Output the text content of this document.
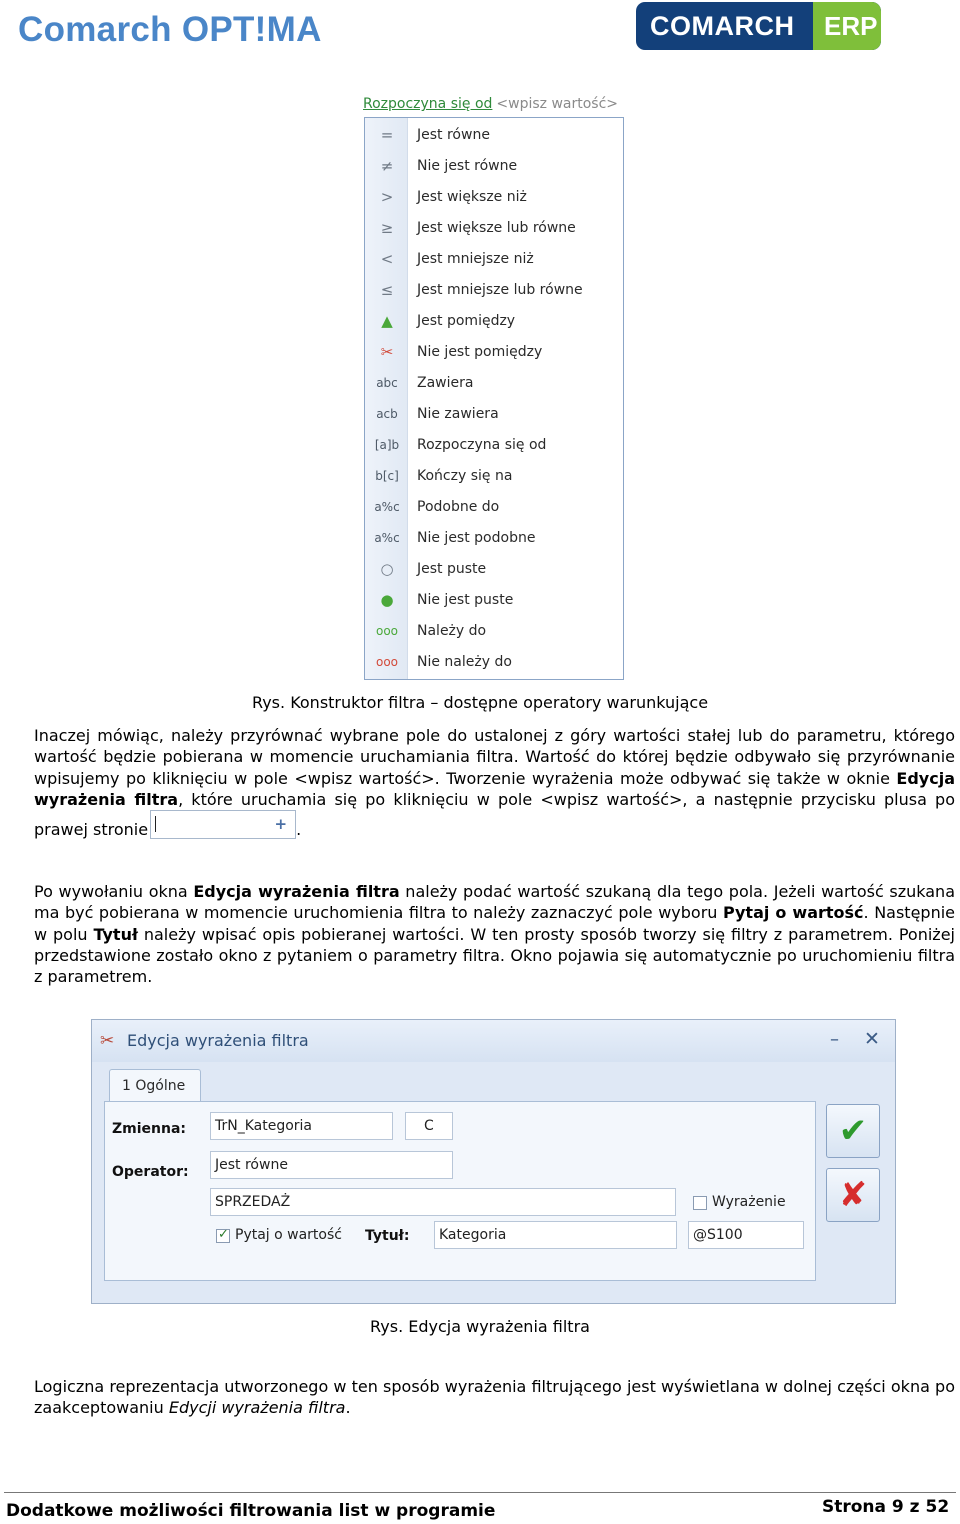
Comarch OPT!MA	COMARCH ERP
Rozpoczyna się od <wpisz wartość>
=	Jest równe
≠	Nie jest równe
>	Jest większe niż
≥	Jest większe lub równe
<	Jest mniejsze niż
≤	Jest mniejsze lub równe
▲	Jest pomiędzy
✂	Nie jest pomiędzy
abc	Zawiera
acb	Nie zawiera
[a]b Rozpoczyna się od
b[c]	Kończy się na
a%c Podobne do
a%c Nie jest podobne
○	Jest puste
●	Nie jest puste
ooo	Należy do
ooo	Nie należy do
Rys. Konstruktor filtra – dostępne operatory warunkujące
Inaczej mówiąc, należy przyrównać wybrane pole do ustalonej z góry wartości stałej lub do parametru, którego wartość będzie pobierana w momencie uruchamiania filtra. Wartość do której będzie odbywało się przyrównanie wpisujemy po kliknięciu w pole <wpisz wartość>. Tworzenie wyrażenia może odbywać się także w oknie Edycja wyrażenia filtra, które uruchamia się po kliknięciu w pole <wpisz wartość>, a następnie przycisku plusa po prawej stronie	+ .
Po wywołaniu okna Edycja wyrażenia filtra należy podać wartość szukaną dla tego pola. Jeżeli wartość szukana ma być pobierana w momencie uruchomienia filtra to należy zaznaczyć pole wyboru Pytaj o wartość. Następnie w polu Tytuł należy wpisać opis pobieranej wartości. W ten prosty sposób tworzy się filtry z parametrem. Poniżej przedstawione zostało okno z pytaniem o parametry filtra. Okno pojawia się automatycznie po uruchomieniu filtra z parametrem.
✂ Edycja wyrażenia filtra	– ✕
1 Ogólne
Zmienna: TrN_Kategoria	C
Operator: Jest równe
SPRZEDAŻ	Wyrażenie
✓
Pytaj o wartość Tytuł: Kategoria	@S100
✔
✘
Rys. Edycja wyrażenia filtra
Logiczna reprezentacja utworzonego w ten sposób wyrażenia filtrującego jest wyświetlana w dolnej części okna po zaakceptowaniu Edycji wyrażenia filtra.
Dodatkowe możliwości filtrowania list w programie	Strona 9 z 52
